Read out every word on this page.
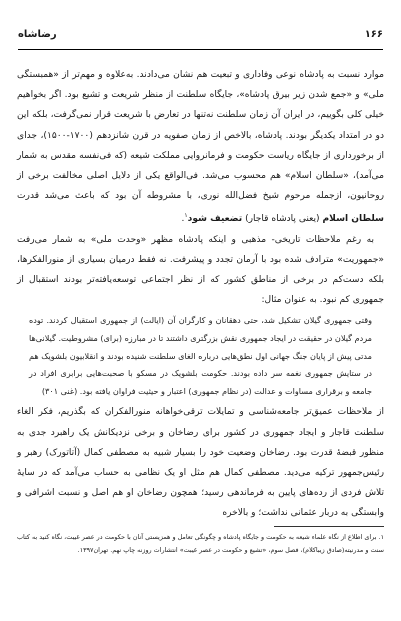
۱۶۶
رضاشاه

موارد نسبت به پادشاه نوعی وفاداری و تبعیت هم نشان می‌دادند. به‌علاوه و مهم‌تر از «همبستگی ملی» و «جمع شدن زیر بیرق پادشاه»، جایگاه سلطنت از منظر شریعت و تشیع بود. اگر بخواهیم خیلی کلی بگوییم، در ایران آن زمان سلطنت نه‌تنها در تعارض با شریعت قرار نمی‌گرفت، بلکه این دو در امتداد یکدیگر بودند. پادشاه، بالاخص از زمان صفویه در قرن شانزدهم (۱۷۰۰-۱۵۰۰)، جدای از برخورداری از جایگاه ریاست حکومت و فرمانروایی مملکت شیعه (که فی‌نفسه مقدس به شمار می‌آمد)، «سلطان اسلام» هم محسوب می‌شد. فی‌الواقع یکی از دلایل اصلی مخالفت برخی از روحانیون، ازجمله مرحوم شیخ فضل‌الله نوری، با مشروطه آن بود که باعث می‌شد قدرت سلطان اسلام (یعنی پادشاه قاجار) تضعیف شود$^۱$.

به رغم ملاحظات تاریخی- مذهبی و اینکه پادشاه مظهر «وحدت ملی» به شمار می‌رفت «جمهوریت» مترادف شده بود با آرمان تجدد و پیشرفت. نه فقط درمیان بسیاری از منورالفکرها، بلکه دست‌کم در برخی از مناطق کشور که از نظر اجتماعی توسعه‌یافته‌تر بودند استقبال از جمهوری کم نبود. به عنوان مثال:

وقتی جمهوری گیلان تشکیل شد، حتی دهقانان و کارگران آن (ایالت) از جمهوری استقبال کردند. توده مردم گیلان در حقیقت در ایجاد جمهوری نقش بزرگتری داشتند تا در مبارزه (برای) مشروطیت. گیلانی‌ها مدتی پیش از پایان جنگ جهانی اول نطق‌هایی درباره الغای سلطنت شنیده بودند و انقلابیون بلشویک هم در ستایش جمهوری نغمه سر داده بودند. حکومت بلشویک در مسکو با صحبت‌هایی برابری افراد در جامعه و برقراری مساوات و عدالت (در نظام جمهوری) اعتبار و حیثیت فراوان یافته بود. (غنی ۳۰۱)

از ملاحظات عمیق‌تر جامعه‌شناسی و تمایلات ترقی‌خواهانه منورالفکران که بگذریم، فکر الغاء سلطنت قاجار و ایجاد جمهوری در کشور برای رضاخان و برخی نزدیکانش یک راهبرد جدی به منظور قبضهٔ قدرت بود. رضاخان وضعیت خود را بسیار شبیه به مصطفی کمال (آتاتورک) رهبر و رئیس‌جمهور ترکیه می‌دید. مصطفی کمال هم مثل او یک نظامی به حساب می‌آمد که در سایهٔ تلاش فردی از رده‌های پایین به فرماندهی رسید؛ همچون رضاخان او هم اصل و نسبت اشرافی و وابستگی به دربار عثمانی نداشت؛ و بالاخره

۱. برای اطلاع از نگاه علماء شیعه به حکومت و جایگاه پادشاه و چگونگی تعامل و همزیستی آنان با حکومت در عصر غیبت، نگاه کنید به کتاب سنت و مدرنیته(صادق زیباکلام)، فصل سوم، «تشیع و حکومت در عصر غیبت» انتشارات روزنه چاپ نهم. تهران۱۳۹۷.
